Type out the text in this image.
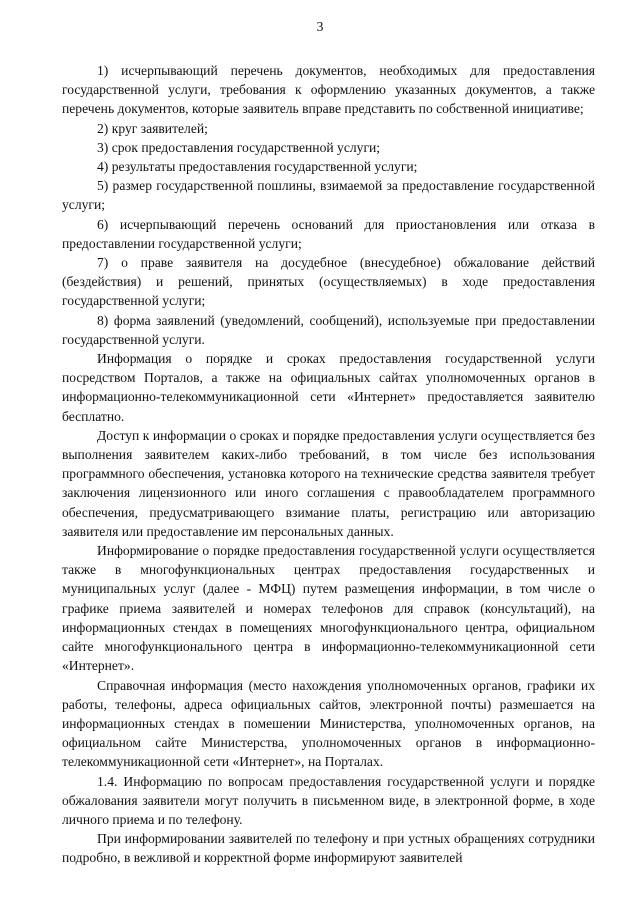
3

1) исчерпывающий перечень документов, необходимых для предоставления государственной услуги, требования к оформлению указанных документов, а также перечень документов, которые заявитель вправе представить по собственной инициативе;

2) круг заявителей;

3) срок предоставления государственной услуги;

4) результаты предоставления государственной услуги;

5) размер государственной пошлины, взимаемой за предоставление государственной услуги;

6) исчерпывающий перечень оснований для приостановления или отказа в предоставлении государственной услуги;

7) о праве заявителя на досудебное (внесудебное) обжалование действий (бездействия) и решений, принятых (осуществляемых) в ходе предоставления государственной услуги;

8) форма заявлений (уведомлений, сообщений), используемые при предоставлении государственной услуги.

Информация о порядке и сроках предоставления государственной услуги посредством Порталов, а также на официальных сайтах уполномоченных органов в информационно-телекоммуникационной сети «Интернет» предоставляется заявителю бесплатно.

Доступ к информации о сроках и порядке предоставления услуги осуществляется без выполнения заявителем каких-либо требований, в том числе без использования программного обеспечения, установка которого на технические средства заявителя требует заключения лицензионного или иного соглашения с правообладателем программного обеспечения, предусматривающего взимание платы, регистрацию или авторизацию заявителя или предоставление им персональных данных.

Информирование о порядке предоставления государственной услуги осуществляется также в многофункциональных центрах предоставления государственных и муниципальных услуг (далее - МФЦ) путем размещения информации, в том числе о графике приема заявителей и номерах телефонов для справок (консультаций), на информационных стендах в помещениях многофункционального центра, официальном сайте многофункционального центра в информационно-телекоммуникационной сети «Интернет».

Справочная информация (место нахождения уполномоченных органов, графики их работы, телефоны, адреса официальных сайтов, электронной почты) размешается на информационных стендах в помешении Министерства, уполномоченных органов, на официальном сайте Министерства, уполномоченных органов в информационно-телекоммуникационной сети «Интернет», на Порталах.

1.4. Информацию по вопросам предоставления государственной услуги и порядке обжалования заявители могут получить в письменном виде, в электронной форме, в ходе личного приема и по телефону.

При информировании заявителей по телефону и при устных обращениях сотрудники подробно, в вежливой и корректной форме информируют заявителей
